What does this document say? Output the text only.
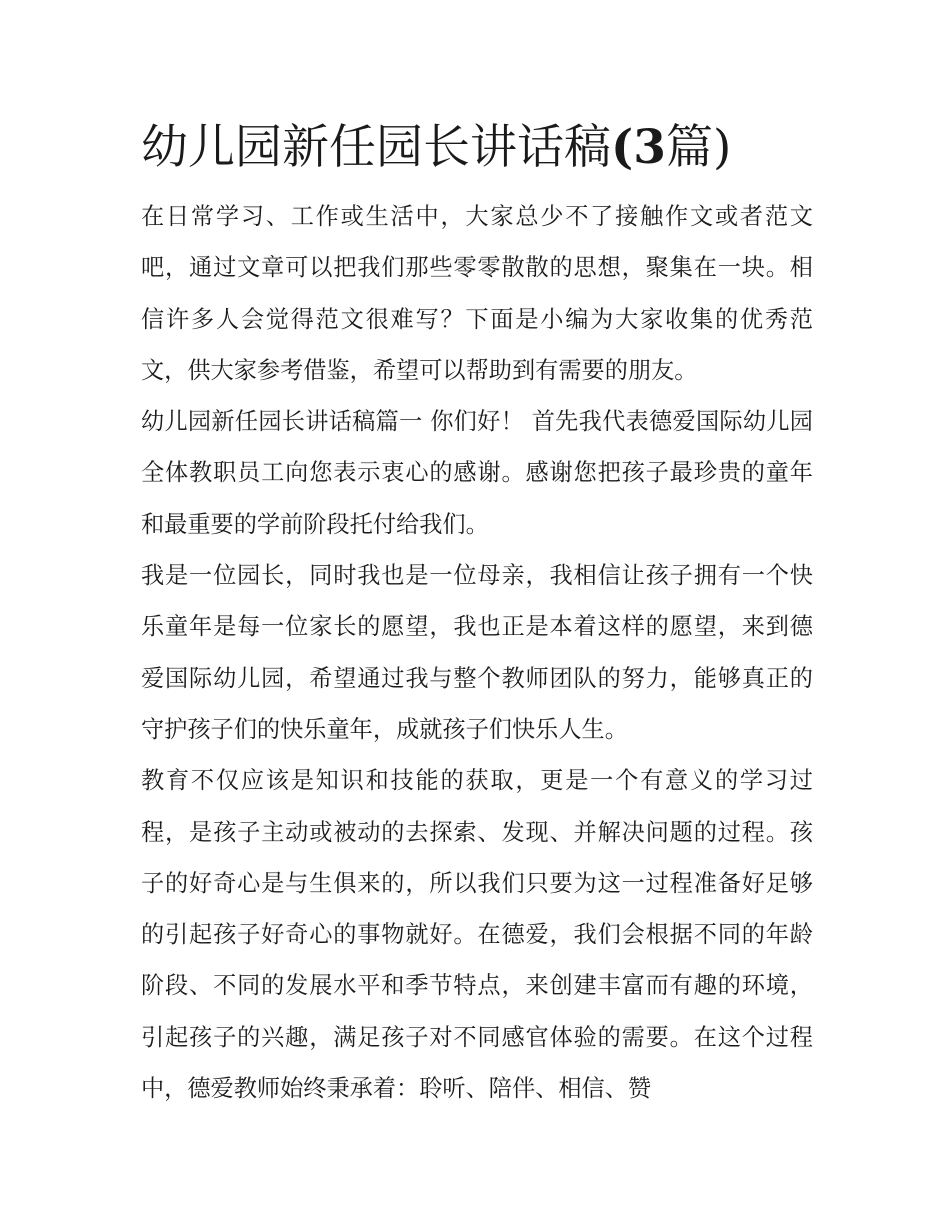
幼儿园新任园长讲话稿(3篇)

在日常学习、工作或生活中，大家总少不了接触作文或者范文吧，通过文章可以把我们那些零零散散的思想，聚集在一块。相信许多人会觉得范文很难写？下面是小编为大家收集的优秀范文，供大家参考借鉴，希望可以帮助到有需要的朋友。

幼儿园新任园长讲话稿篇一 你们好！ 首先我代表德爱国际幼儿园全体教职员工向您表示衷心的感谢。感谢您把孩子最珍贵的童年和最重要的学前阶段托付给我们。

我是一位园长，同时我也是一位母亲，我相信让孩子拥有一个快乐童年是每一位家长的愿望，我也正是本着这样的愿望，来到德爱国际幼儿园，希望通过我与整个教师团队的努力，能够真正的守护孩子们的快乐童年，成就孩子们快乐人生。

教育不仅应该是知识和技能的获取，更是一个有意义的学习过程，是孩子主动或被动的去探索、发现、并解决问题的过程。孩子的好奇心是与生俱来的，所以我们只要为这一过程准备好足够的引起孩子好奇心的事物就好。在德爱，我们会根据不同的年龄阶段、不同的发展水平和季节特点，来创建丰富而有趣的环境，引起孩子的兴趣，满足孩子对不同感官体验的需要。在这个过程中，德爱教师始终秉承着：聆听、陪伴、相信、赞
